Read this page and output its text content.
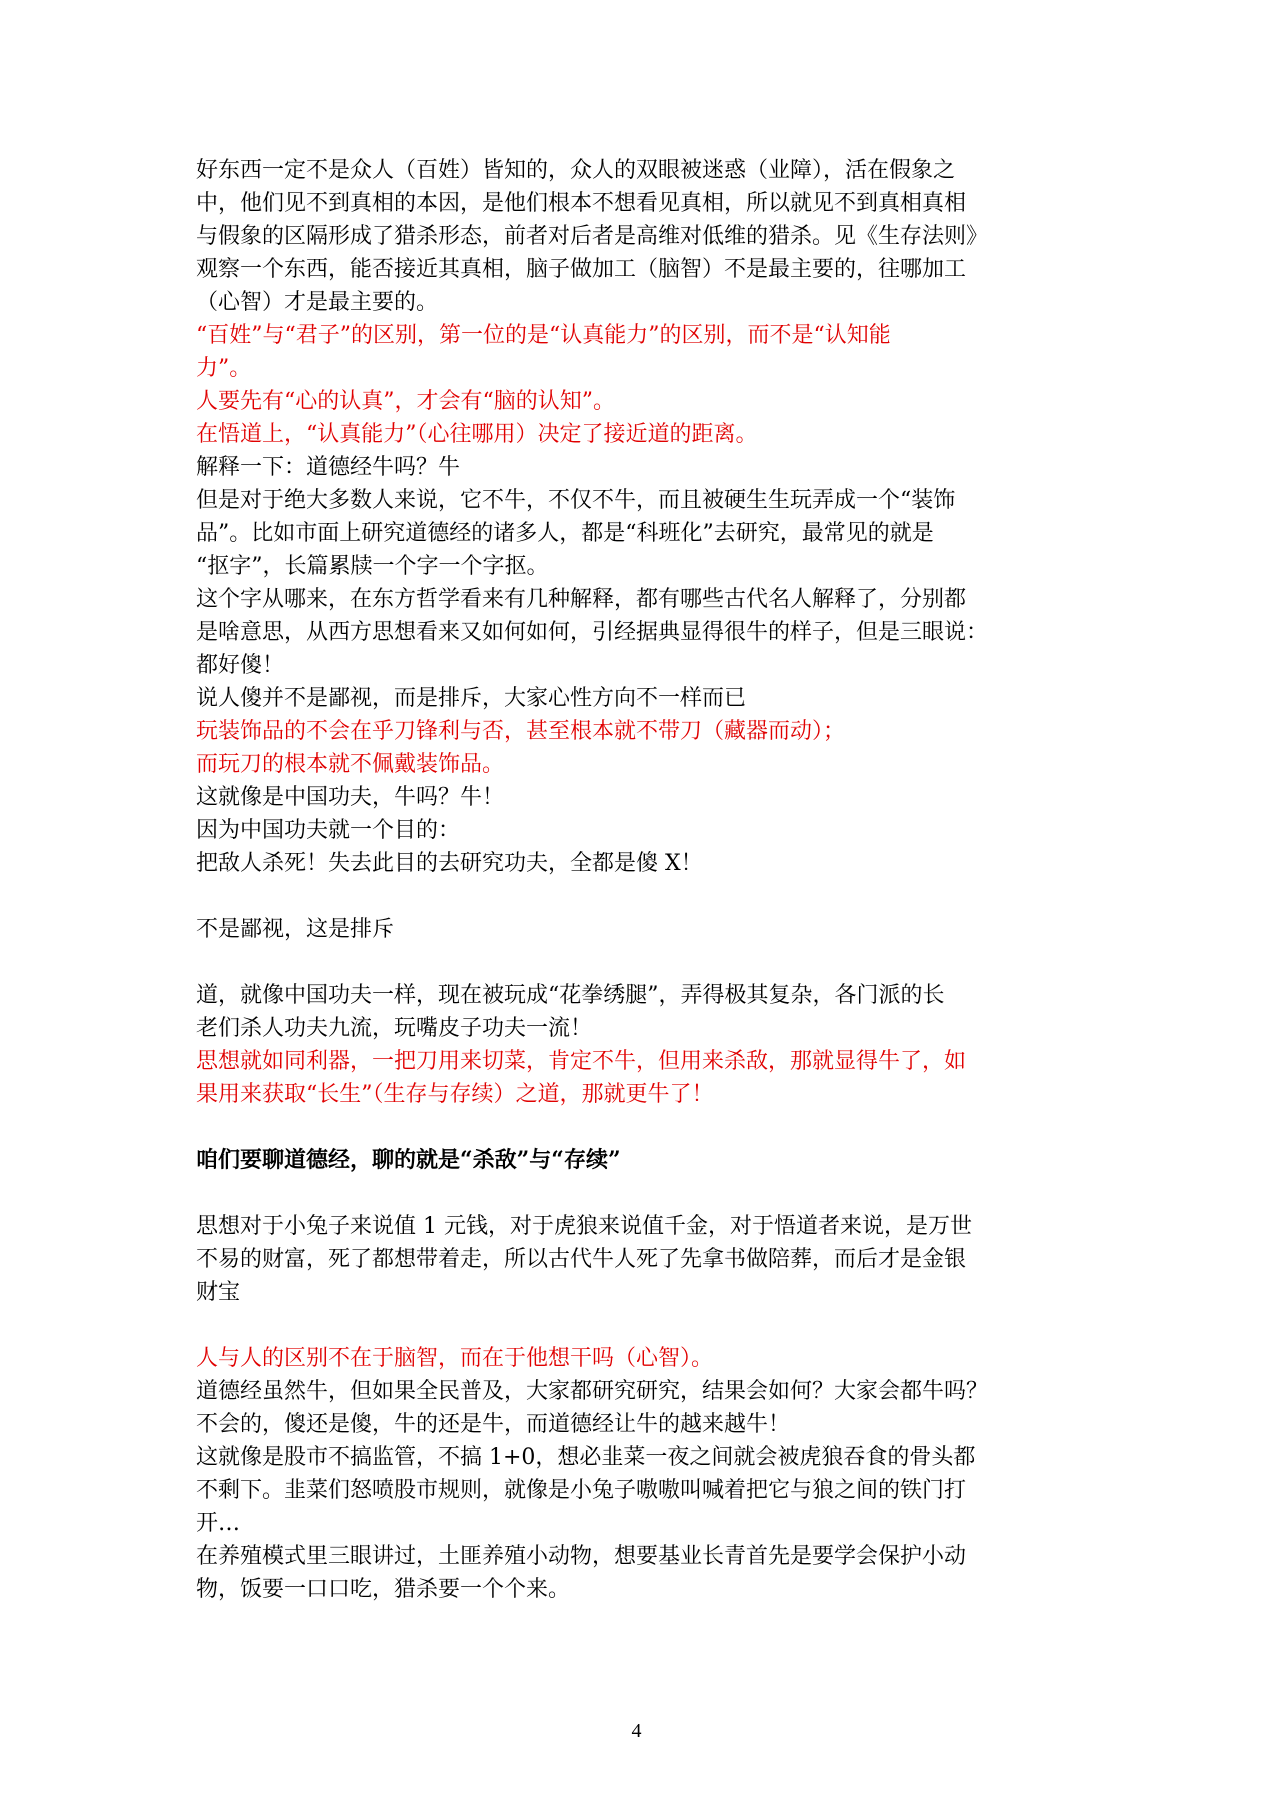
好东西一定不是众人（百姓）皆知的，众人的双眼被迷惑（业障），活在假象之

中，他们见不到真相的本因，是他们根本不想看见真相，所以就见不到真相真相

与假象的区隔形成了猎杀形态，前者对后者是高维对低维的猎杀。见《生存法则》

观察一个东西，能否接近其真相，脑子做加工（脑智）不是最主要的，往哪加工

（心智）才是最主要的。

“百姓”与“君子”的区别，第一位的是“认真能力”的区别，而不是“认知能

力”。

人要先有“心的认真”，才会有“脑的认知”。

在悟道上，“认真能力”（心往哪用）决定了接近道的距离。

解释一下：道德经牛吗？牛

但是对于绝大多数人来说，它不牛，不仅不牛，而且被硬生生玩弄成一个“装饰

品”。比如市面上研究道德经的诸多人，都是“科班化”去研究，最常见的就是

“抠字”，长篇累牍一个字一个字抠。

这个字从哪来，在东方哲学看来有几种解释，都有哪些古代名人解释了，分别都

是啥意思，从西方思想看来又如何如何，引经据典显得很牛的样子，但是三眼说：

都好傻！

说人傻并不是鄙视，而是排斥，大家心性方向不一样而已

玩装饰品的不会在乎刀锋利与否，甚至根本就不带刀（藏器而动）；

而玩刀的根本就不佩戴装饰品。

这就像是中国功夫，牛吗？牛！

因为中国功夫就一个目的：

把敌人杀死！失去此目的去研究功夫，全都是傻 X！

不是鄙视，这是排斥

道，就像中国功夫一样，现在被玩成“花拳绣腿”，弄得极其复杂，各门派的长

老们杀人功夫九流，玩嘴皮子功夫一流！

思想就如同利器，一把刀用来切菜，肯定不牛，但用来杀敌，那就显得牛了，如

果用来获取“长生”（生存与存续）之道，那就更牛了！

咱们要聊道德经，聊的就是“杀敌”与“存续”

思想对于小兔子来说值 1 元钱，对于虎狼来说值千金，对于悟道者来说，是万世

不易的财富，死了都想带着走，所以古代牛人死了先拿书做陪葬，而后才是金银

财宝

人与人的区别不在于脑智，而在于他想干吗（心智）。

道德经虽然牛，但如果全民普及，大家都研究研究，结果会如何？大家会都牛吗？

不会的，傻还是傻，牛的还是牛，而道德经让牛的越来越牛！

这就像是股市不搞监管，不搞 1+0，想必韭菜一夜之间就会被虎狼吞食的骨头都

不剩下。韭菜们怒喷股市规则，就像是小兔子嗷嗷叫喊着把它与狼之间的铁门打

开…

在养殖模式里三眼讲过，土匪养殖小动物，想要基业长青首先是要学会保护小动

物，饭要一口口吃，猎杀要一个个来。

4
